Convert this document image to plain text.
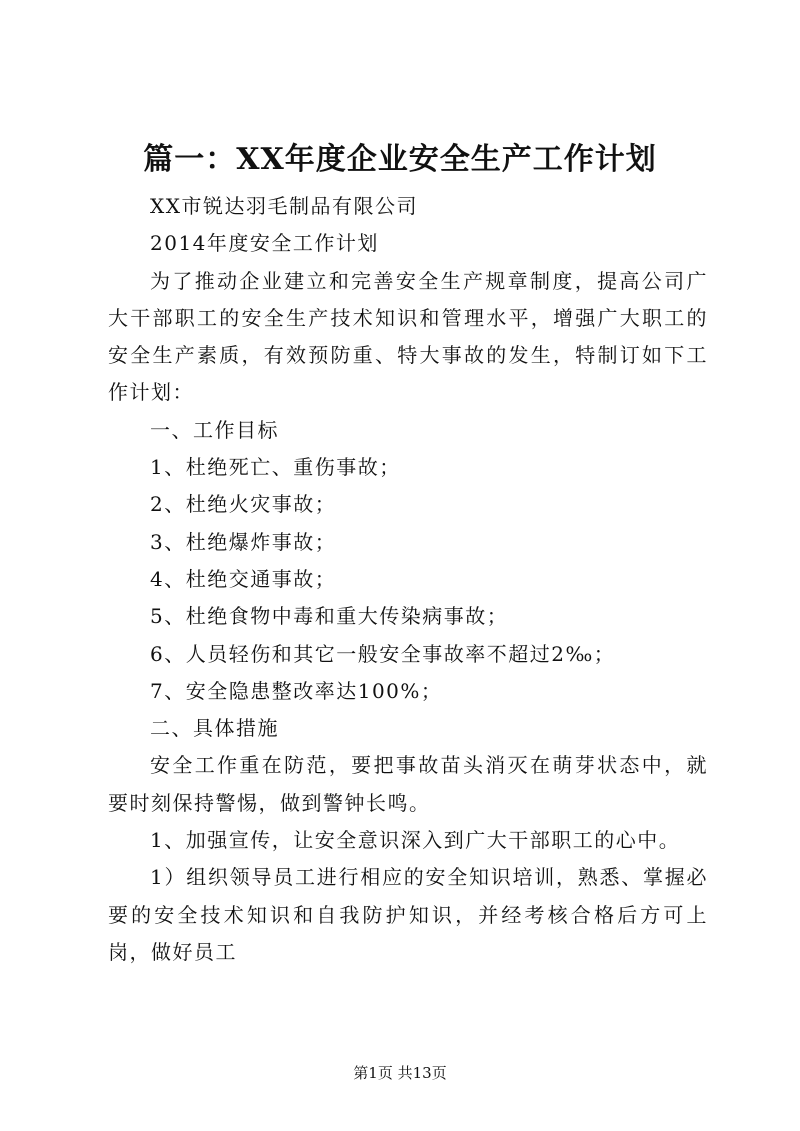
篇一：XX年度企业安全生产工作计划

XX市锐达羽毛制品有限公司

2014年度安全工作计划

为了推动企业建立和完善安全生产规章制度，提高公司广大干部职工的安全生产技术知识和管理水平，增强广大职工的安全生产素质，有效预防重、特大事故的发生，特制订如下工作计划：

一、工作目标

1、杜绝死亡、重伤事故；

2、杜绝火灾事故；

3、杜绝爆炸事故；

4、杜绝交通事故；

5、杜绝食物中毒和重大传染病事故；

6、人员轻伤和其它一般安全事故率不超过2‰；

7、安全隐患整改率达100%；

二、具体措施

安全工作重在防范，要把事故苗头消灭在萌芽状态中，就要时刻保持警惕，做到警钟长鸣。

1、加强宣传，让安全意识深入到广大干部职工的心中。

1）组织领导员工进行相应的安全知识培训，熟悉、掌握必要的安全技术知识和自我防护知识，并经考核合格后方可上岗，做好员工

第1页 共13页
